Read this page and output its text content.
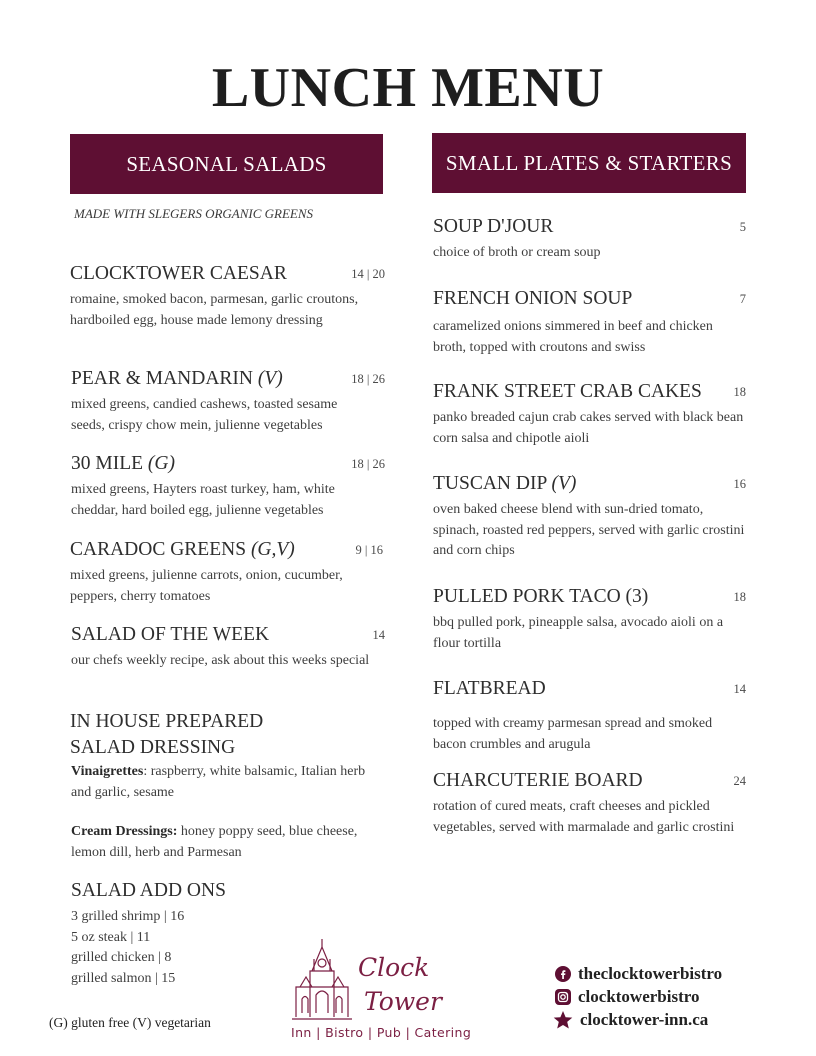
LUNCH MENU
SEASONAL SALADS	SMALL PLATES & STARTERS
MADE WITH SLEGERS ORGANIC GREENS
CLOCKTOWER CAESAR	14 | 20
romaine, smoked bacon, parmesan, garlic croutons, hardboiled egg, house made lemony dressing
PEAR & MANDARIN (V)	18 | 26
mixed greens, candied cashews, toasted sesame seeds, crispy chow mein, julienne vegetables
30 MILE (G)	18 | 26
mixed greens, Hayters roast turkey, ham, white cheddar, hard boiled egg, julienne vegetables
CARADOC GREENS (G,V)	9 | 16
mixed greens, julienne carrots, onion, cucumber, peppers, cherry tomatoes
SALAD OF THE WEEK	14
our chefs weekly recipe, ask about this weeks special
IN HOUSE PREPARED
SALAD DRESSING
Vinaigrettes: raspberry, white balsamic, Italian herb and garlic, sesame
Cream Dressings: honey poppy seed, blue cheese, lemon dill, herb and Parmesan
SALAD ADD ONS
3 grilled shrimp | 16
5 oz steak | 11
grilled chicken | 8
grilled salmon | 15
(G) gluten free (V) vegetarian
SOUP D'JOUR	5
choice of broth or cream soup
FRENCH ONION SOUP	7
caramelized onions simmered in beef and chicken broth, topped with croutons and swiss
FRANK STREET CRAB CAKES	18
panko breaded cajun crab cakes served with black bean corn salsa and chipotle aioli
TUSCAN DIP (V)	16
oven baked cheese blend with sun-dried tomato, spinach, roasted red peppers, served with garlic crostini and corn chips
PULLED PORK TACO (3)	18
bbq pulled pork, pineapple salsa, avocado aioli on a flour tortilla
FLATBREAD	14
topped with creamy parmesan spread and smoked bacon crumbles and arugula
CHARCUTERIE BOARD	24
rotation of cured meats, craft cheeses and pickled vegetables, served with marmalade and garlic crostini
Clock
Tower
Inn | Bistro | Pub | Catering
theclocktowerbistro
clocktowerbistro
clocktower-inn.ca
